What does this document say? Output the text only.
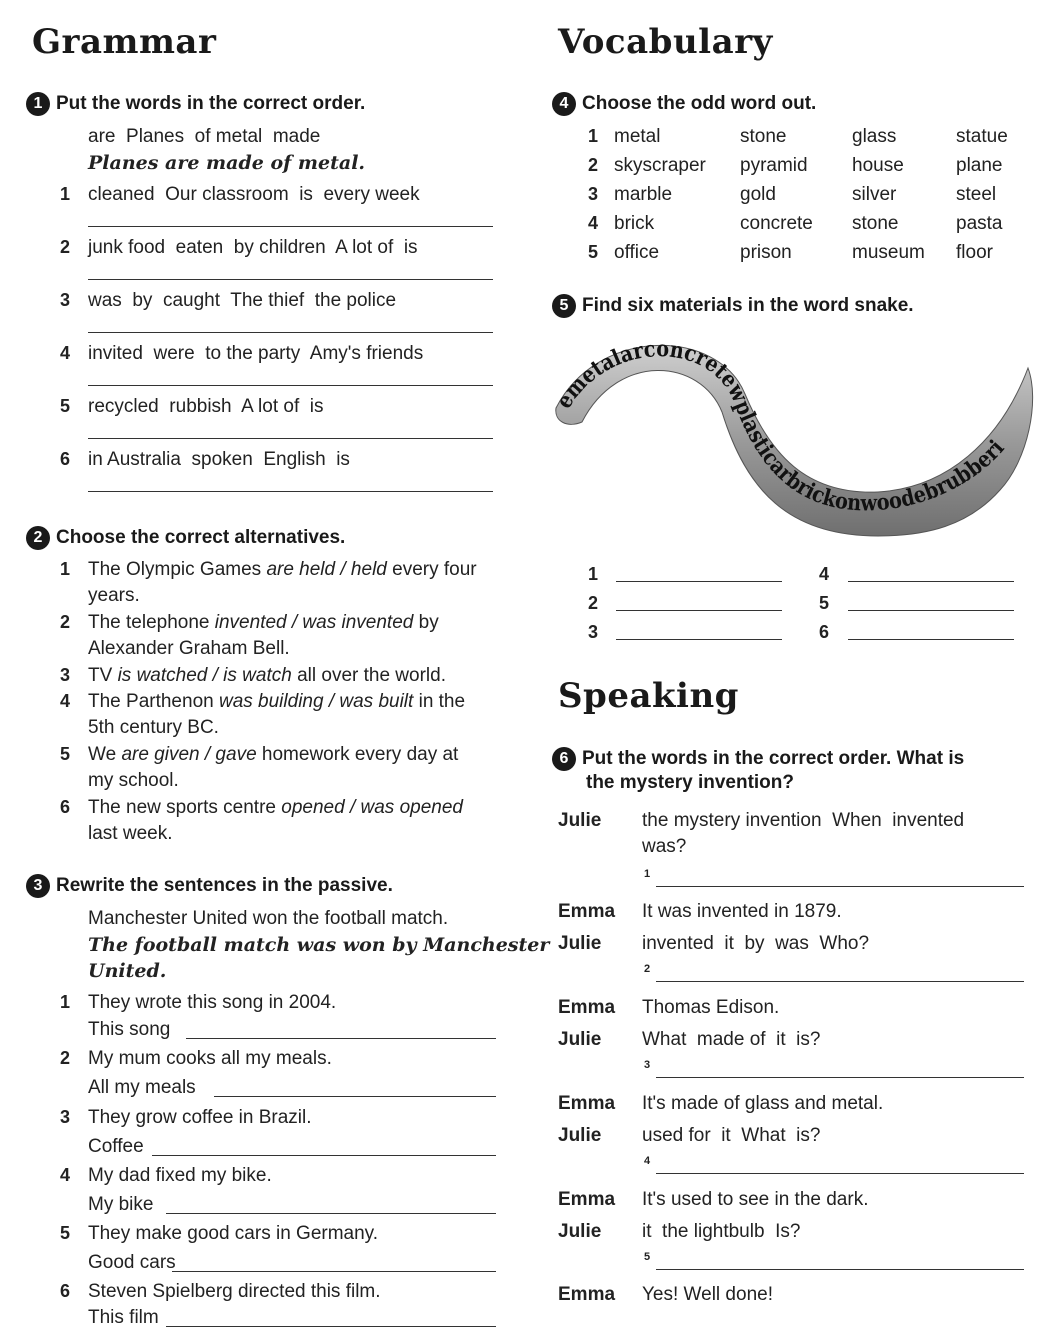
Grammar
1 Put the words in the correct order.
are  Planes  of metal  made
Planes are made of metal.
1 cleaned  Our classroom  is  every week
2 junk food  eaten  by children  A lot of  is
3 was  by  caught  The thief  the police
4 invited  were  to the party  Amy's friends
5 recycled  rubbish  A lot of  is
6 in Australia  spoken  English  is
2 Choose the correct alternatives.
1 The Olympic Games are held / held every four
years.
2 The telephone invented / was invented by
Alexander Graham Bell.
3 TV is watched / is watch all over the world.
4 The Parthenon was building / was built in the
5th century BC.
5 We are given / gave homework every day at
my school.
6 The new sports centre opened / was opened
last week.
3 Rewrite the sentences in the passive.
Manchester United won the football match.
The football match was won by Manchester
United.
1 They wrote this song in 2004.
This song
2 My mum cooks all my meals.
All my meals
3 They grow coffee in Brazil.
Coffee
4 My dad fixed my bike.
My bike
5 They make good cars in Germany.
Good cars
6 Steven Spielberg directed this film.
This film
Vocabulary
4 Choose the odd word out.
1 metal	stone	glass	statue
2 skyscraper pyramid house	plane
3 marble	gold	silver	steel
4 brick	concrete stone	pasta
5 office	prison	museum floor
5 Find six materials in the word snake.
emetalarconcretewplasticarbrickonwoodebrubberi
1
2
3
4
5
6
Speaking
6 Put the words in the correct order. What is
the mystery invention?
Julie the mystery invention  When  invented
was?
1
Emma It was invented in 1879.
Julie invented  it  by  was  Who?
2
Emma Thomas Edison.
Julie What  made of  it  is?
3
Emma It's made of glass and metal.
Julie used for  it  What  is?
4
Emma It's used to see in the dark.
Julie it  the lightbulb  Is?
5
Emma Yes! Well done!
